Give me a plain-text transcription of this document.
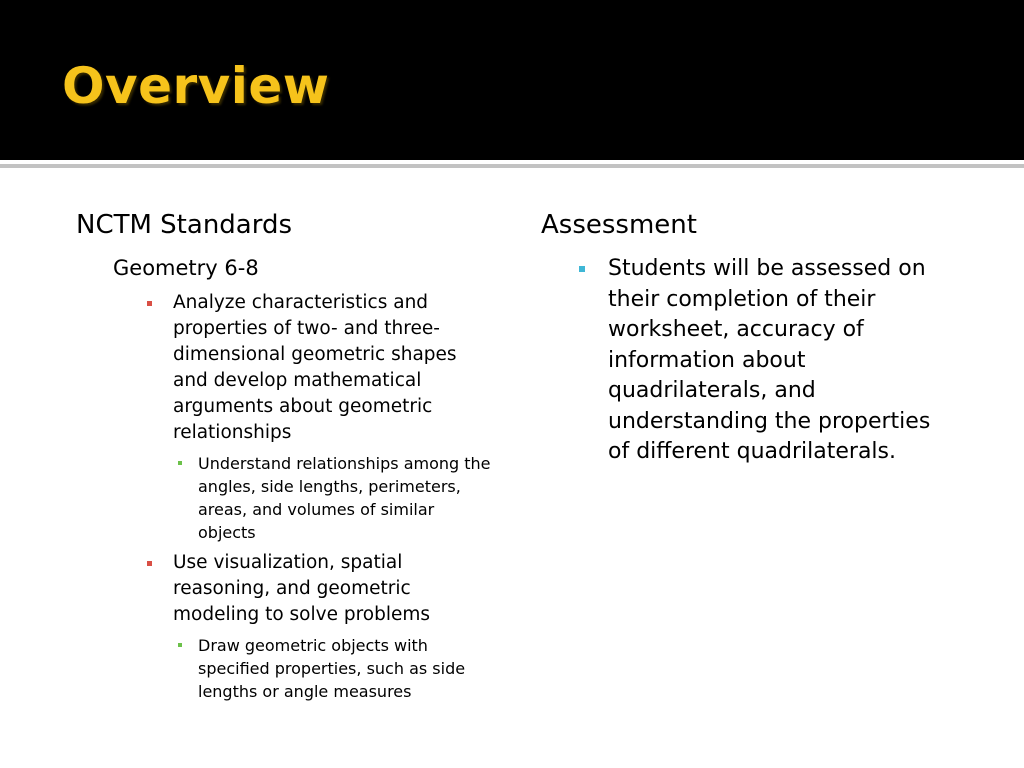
Overview
NCTM Standards
Geometry 6-8
Analyze characteristics and properties of two- and three-dimensional geometric shapes and develop mathematical arguments about geometric relationships
Understand relationships among the angles, side lengths, perimeters, areas, and volumes of similar objects
Use visualization, spatial reasoning, and geometric modeling to solve problems
Draw geometric objects with specified properties, such as side lengths or angle measures
Assessment
Students will be assessed on their completion of their worksheet, accuracy of information about quadrilaterals, and understanding the properties of different quadrilaterals.
